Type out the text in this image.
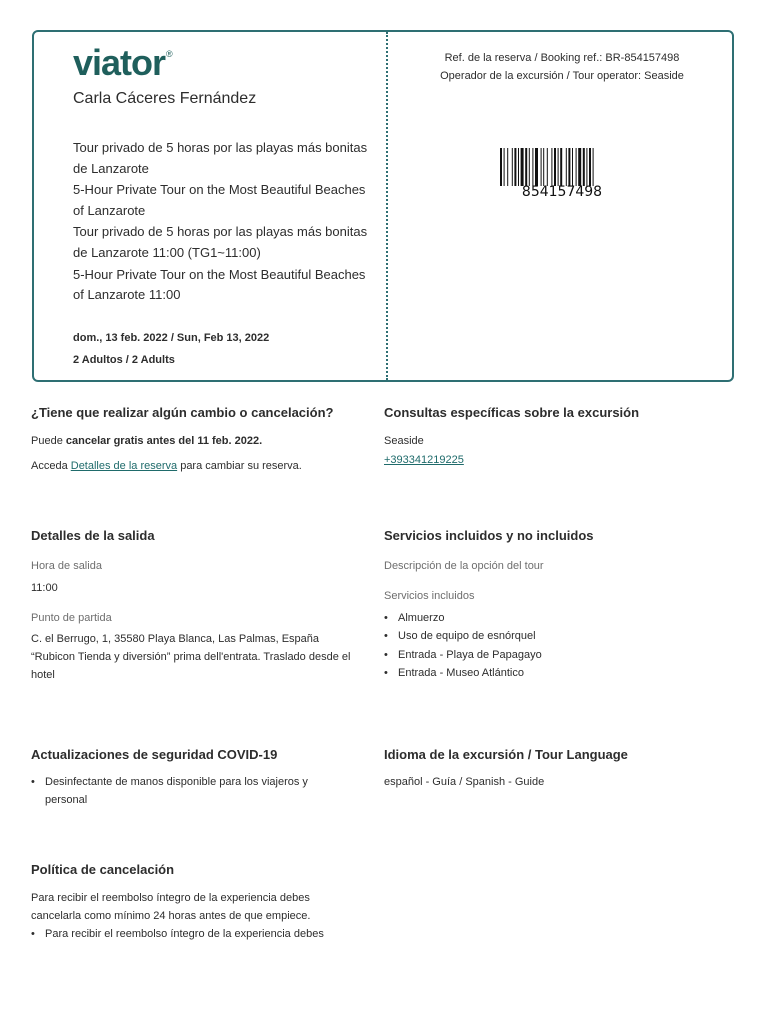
viator®
Carla Cáceres Fernández

Tour privado de 5 horas por las playas más bonitas de Lanzarote

5-Hour Private Tour on the Most Beautiful Beaches of Lanzarote

Tour privado de 5 horas por las playas más bonitas de Lanzarote 11:00 (TG1~11:00)

5-Hour Private Tour on the Most Beautiful Beaches of Lanzarote 11:00

dom., 13 feb. 2022 / Sun, Feb 13, 2022
2 Adultos / 2 Adults
Ref. de la reserva / Booking ref.: BR-854157498
Operador de la excursión / Tour operator: Seaside
854157498
¿Tiene que realizar algún cambio o cancelación?
Puede cancelar gratis antes del 11 feb. 2022.
Acceda Detalles de la reserva para cambiar su reserva.
Consultas específicas sobre la excursión
Seaside
+393341219225
Detalles de la salida
Hora de salida
11:00
Punto de partida
C. el Berrugo, 1, 35580 Playa Blanca, Las Palmas, España “Rubicon Tienda y diversión” prima dell'entrata. Traslado desde el hotel
Servicios incluidos y no incluidos
Descripción de la opción del tour
Servicios incluidos
• Almuerzo
• Uso de equipo de esnórquel
• Entrada - Playa de Papagayo
• Entrada - Museo Atlántico
Actualizaciones de seguridad COVID-19
• Desinfectante de manos disponible para los viajeros y personal
Idioma de la excursión / Tour Language
español - Guía / Spanish - Guide
Política de cancelación
Para recibir el reembolso íntegro de la experiencia debes cancelarla como mínimo 24 horas antes de que empiece.
• Para recibir el reembolso íntegro de la experiencia debes
